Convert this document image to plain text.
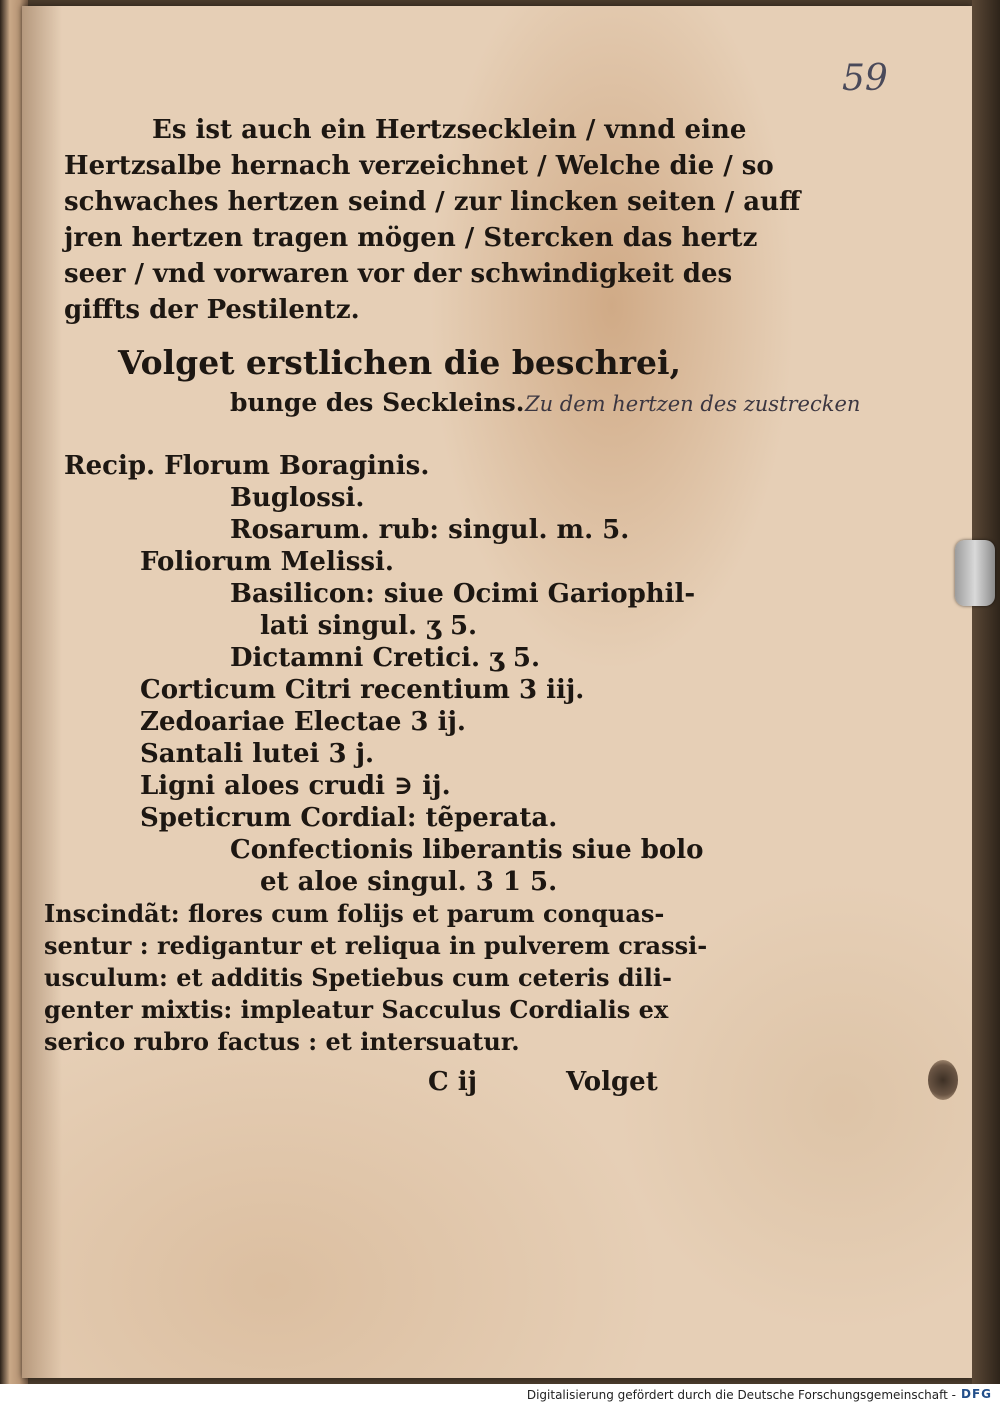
59
Es ist auch ein Hertzsecklein / vnnd eine
Hertzsalbe hernach verzeichnet / Welche die / so
schwaches hertzen seind / zur lincken seiten / auff
jren hertzen tragen mögen / Stercken das hertz
seer / vnd vorwaren vor der schwindigkeit des
giffts der Pestilentz.
Volget erstlichen die beschrei,
bunge des Seckleins. Zu dem hertzen des zustrecken
Recip. Florum Boraginis.
Buglossi.
Rosarum. rub: singul. m. 5.
Foliorum Melissi.
Basilicon: siue Ocimi Gariophil-
lati singul. ʒ 5.
Dictamni Cretici. ʒ 5.
Corticum Citri recentium 3 iij.
Zedoariae Electae 3 ij.
Santali lutei 3 j.
Ligni aloes crudi ∋ ij.
Speticrum Cordial: tẽperata.
Confectionis liberantis siue bolo
et aloe singul. 3 1 5.
Inscindãt: flores cum folijs et parum conquas-
sentur : redigantur et reliqua in pulverem crassi-
usculum: et additis Spetiebus cum ceteris dili-
genter mixtis: impleatur Sacculus Cordialis ex
serico rubro factus : et intersuatur.
C ij	Volget
Digitalisierung gefördert durch die Deutsche Forschungsgemeinschaft - DFG
